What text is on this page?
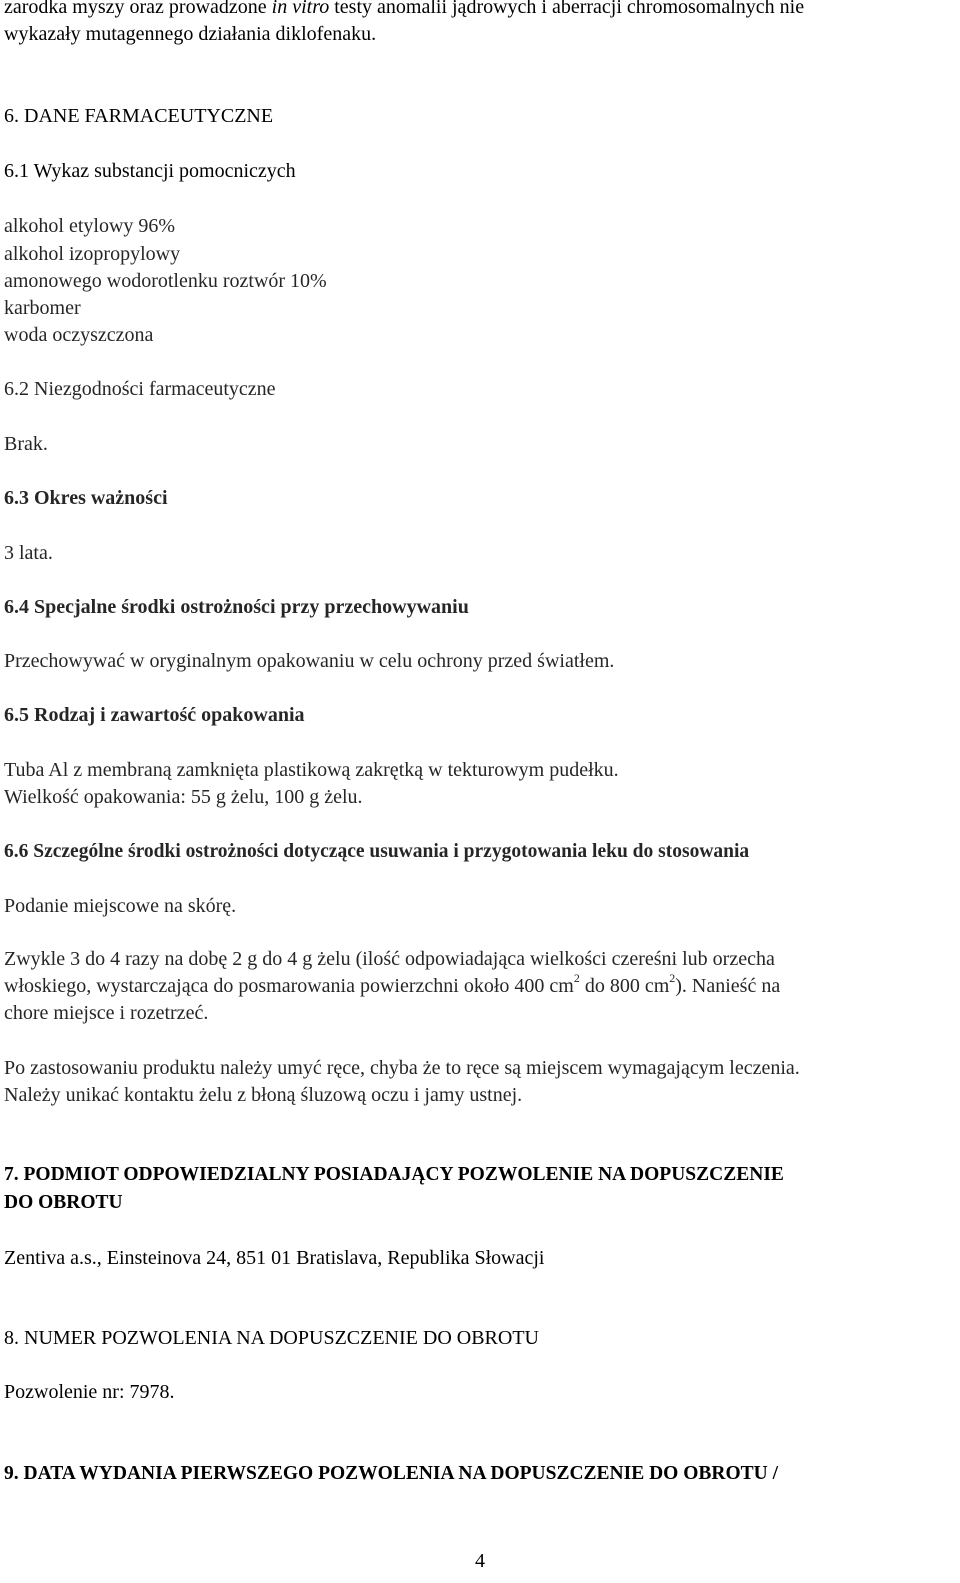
zarodka myszy oraz prowadzone in vitro testy anomalii jądrowych i aberracji chromosomalnych nie

wykazały mutagennego działania diklofenaku.

6. DANE FARMACEUTYCZNE

6.1 Wykaz substancji pomocniczych

alkohol etylowy 96%

alkohol izopropylowy

amonowego wodorotlenku roztwór 10%

karbomer

woda oczyszczona

6.2 Niezgodności farmaceutyczne

Brak.

6.3 Okres ważności

3 lata.

6.4 Specjalne środki ostrożności przy przechowywaniu

Przechowywać w oryginalnym opakowaniu w celu ochrony przed światłem.

6.5 Rodzaj i zawartość opakowania

Tuba Al z membraną zamknięta plastikową zakrętką w tekturowym pudełku.

Wielkość opakowania: 55 g żelu, 100 g żelu.

6.6 Szczególne środki ostrożności dotyczące usuwania i przygotowania leku do stosowania

Podanie miejscowe na skórę.

Zwykle 3 do 4 razy na dobę 2 g do 4 g żelu (ilość odpowiadająca wielkości czereśni lub orzecha

włoskiego, wystarczająca do posmarowania powierzchni około 400 $cm^2$ do 800 $cm^2$). Nanieść na

chore miejsce i rozetrzeć.

Po zastosowaniu produktu należy umyć ręce, chyba że to ręce są miejscem wymagającym leczenia.

Należy unikać kontaktu żelu z błoną śluzową oczu i jamy ustnej.

7. PODMIOT ODPOWIEDZIALNY POSIADAJĄCY POZWOLENIE NA DOPUSZCZENIE

DO OBROTU

Zentiva a.s., Einsteinova 24, 851 01 Bratislava, Republika Słowacji

8. NUMER POZWOLENIA NA DOPUSZCZENIE DO OBROTU

Pozwolenie nr: 7978.

9. DATA WYDANIA PIERWSZEGO POZWOLENIA NA DOPUSZCZENIE DO OBROTU /

4
